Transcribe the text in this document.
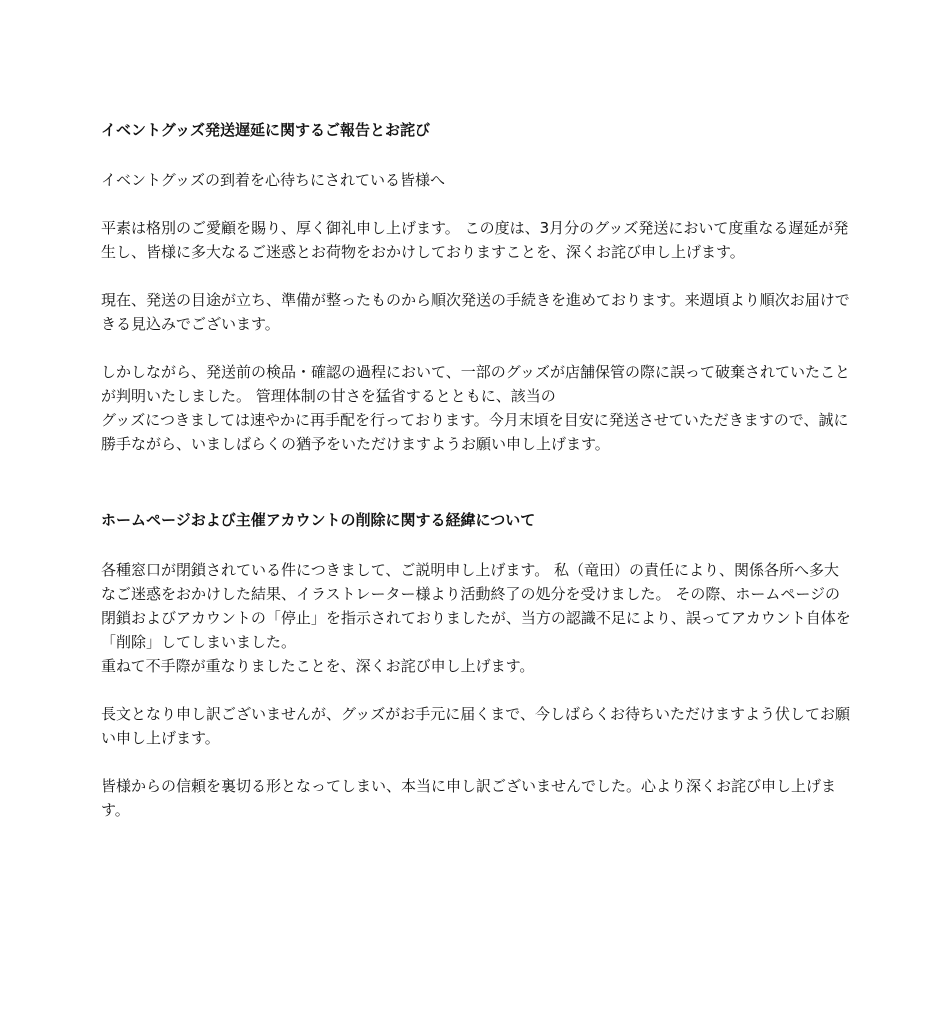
イベントグッズ発送遅延に関するご報告とお詫び

イベントグッズの到着を心待ちにされている皆様へ

平素は格別のご愛顧を賜り、厚く御礼申し上げます。 この度は、3月分のグッズ発送において度重なる遅延が発生し、皆様に多大なるご迷惑とお荷物をおかけしておりますことを、深くお詫び申し上げます。

現在、発送の目途が立ち、準備が整ったものから順次発送の手続きを進めております。来週頃より順次お届けできる見込みでございます。

しかしながら、発送前の検品・確認の過程において、一部のグッズが店舗保管の際に誤って破棄されていたことが判明いたしました。 管理体制の甘さを猛省するとともに、該当の

グッズにつきましては速やかに再手配を行っております。今月末頃を目安に発送させていただきますので、誠に勝手ながら、いましばらくの猶予をいただけますようお願い申し上げます。

ホームページおよび主催アカウントの削除に関する経緯について

各種窓口が閉鎖されている件につきまして、ご説明申し上げます。 私（竜田）の責任により、関係各所へ多大なご迷惑をおかけした結果、イラストレーター様より活動終了の処分を受けました。 その際、ホームページの閉鎖およびアカウントの「停止」を指示されておりましたが、当方の認識不足により、誤ってアカウント自体を「削除」してしまいました。

重ねて不手際が重なりましたことを、深くお詫び申し上げます。

長文となり申し訳ございませんが、グッズがお手元に届くまで、今しばらくお待ちいただけますよう伏してお願い申し上げます。

皆様からの信頼を裏切る形となってしまい、本当に申し訳ございませんでした。心より深くお詫び申し上げます。
